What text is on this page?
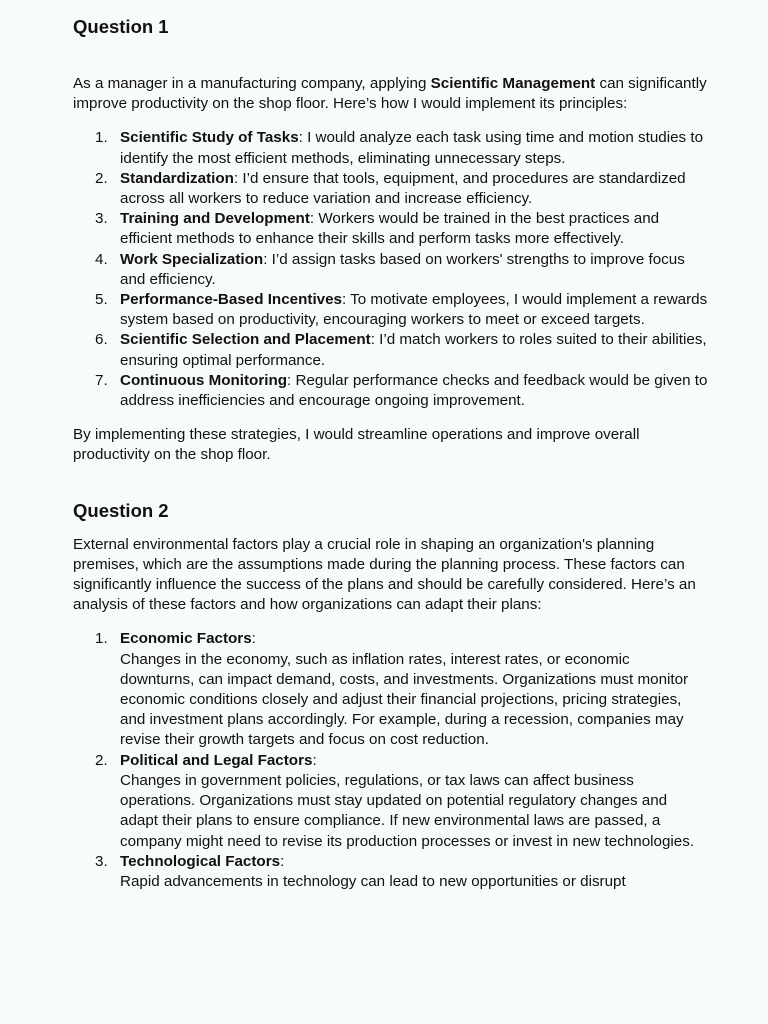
Question 1

As a manager in a manufacturing company, applying Scientific Management can significantly improve productivity on the shop floor. Here’s how I would implement its principles:

1. Scientific Study of Tasks: I would analyze each task using time and motion studies to identify the most efficient methods, eliminating unnecessary steps.
2. Standardization: I’d ensure that tools, equipment, and procedures are standardized across all workers to reduce variation and increase efficiency.
3. Training and Development: Workers would be trained in the best practices and efficient methods to enhance their skills and perform tasks more effectively.
4. Work Specialization: I’d assign tasks based on workers' strengths to improve focus and efficiency.
5. Performance-Based Incentives: To motivate employees, I would implement a rewards system based on productivity, encouraging workers to meet or exceed targets.
6. Scientific Selection and Placement: I’d match workers to roles suited to their abilities, ensuring optimal performance.
7. Continuous Monitoring: Regular performance checks and feedback would be given to address inefficiencies and encourage ongoing improvement.

By implementing these strategies, I would streamline operations and improve overall productivity on the shop floor.

Question 2

External environmental factors play a crucial role in shaping an organization's planning premises, which are the assumptions made during the planning process. These factors can significantly influence the success of the plans and should be carefully considered. Here’s an analysis of these factors and how organizations can adapt their plans:

1. Economic Factors:
Changes in the economy, such as inflation rates, interest rates, or economic downturns, can impact demand, costs, and investments. Organizations must monitor economic conditions closely and adjust their financial projections, pricing strategies, and investment plans accordingly. For example, during a recession, companies may revise their growth targets and focus on cost reduction.
2. Political and Legal Factors:
Changes in government policies, regulations, or tax laws can affect business operations. Organizations must stay updated on potential regulatory changes and adapt their plans to ensure compliance. If new environmental laws are passed, a company might need to revise its production processes or invest in new technologies.
3. Technological Factors:
Rapid advancements in technology can lead to new opportunities or disrupt
